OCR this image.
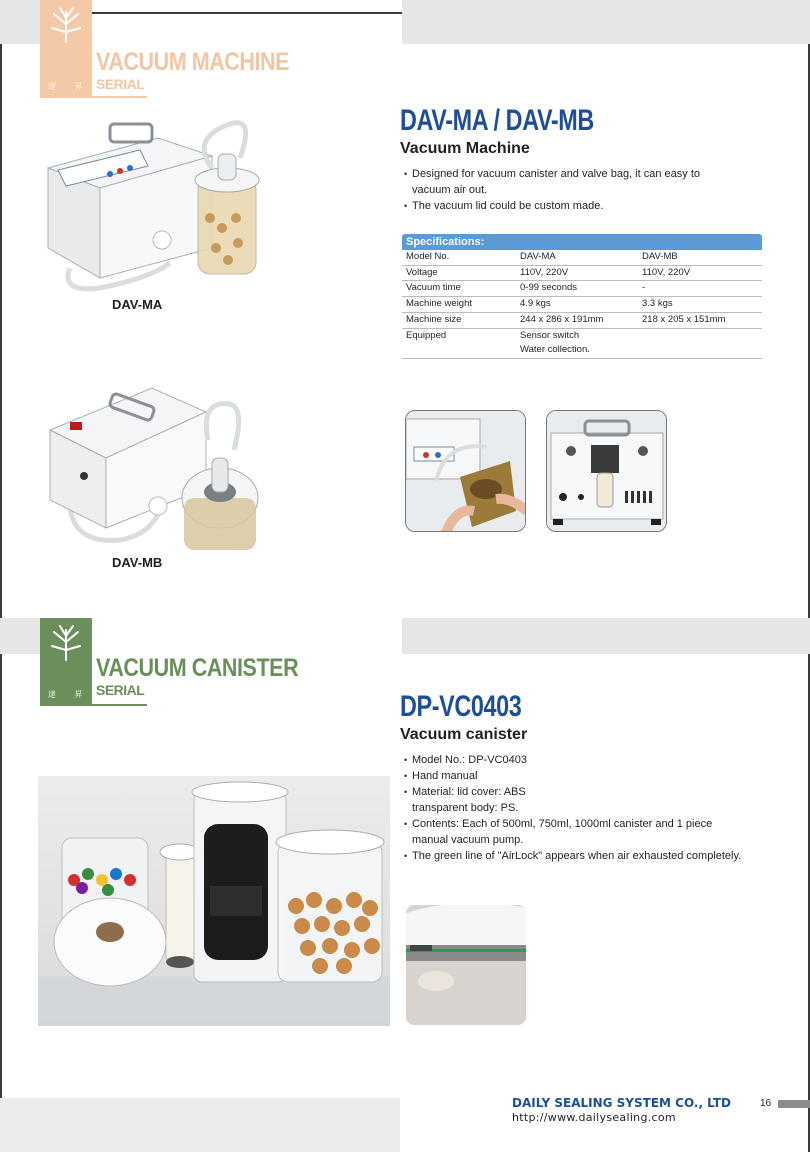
達 昇
VACUUM MACHINE
SERIAL
DAV-MA / DAV-MB
Vacuum Machine
• Designed for vacuum canister and valve bag, it can easy to
vacuum air out.
• The vacuum lid could be custom made.
Specifications:
Model No.	DAV-MA	DAV-MB
Voltage	110V, 220V	110V, 220V
Vacuum time	0-99 seconds	-
Machine weight	4.9 kgs	3.3 kgs
Machine size	244 x 286 x 191mm	218 x 205 x 151mm
Equipped	Sensor switch
Water collection.
DAV-MA
DAV-MB
達 昇
VACUUM CANISTER
SERIAL	DP-VC0403
Vacuum canister
• Model No.: DP-VC0403
• Hand manual
• Material: lid cover: ABS
transparent body: PS.
• Contents: Each of 500ml, 750ml, 1000ml canister and 1 piece
manual vacuum pump.
• The green line of "AirLock" appears when air exhausted completely.
DAILY SEALING SYSTEM CO., LTD
http://www.dailysealing.com
16
